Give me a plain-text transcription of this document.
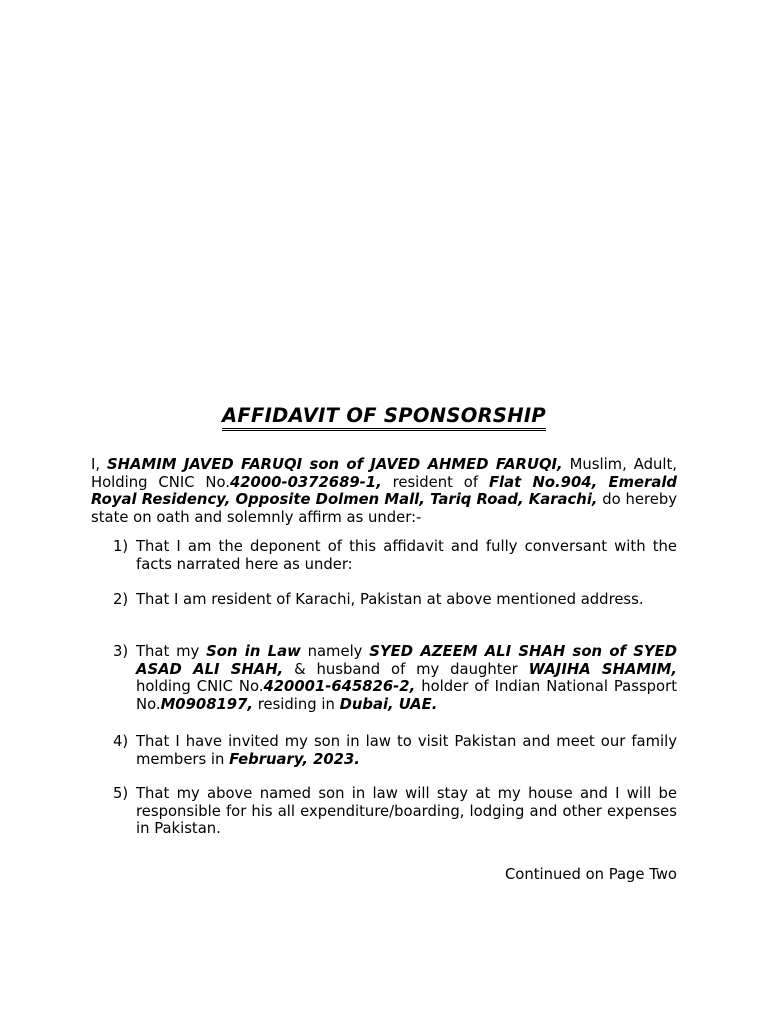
AFFIDAVIT OF SPONSORSHIP
I, SHAMIM JAVED FARUQI son of JAVED AHMED FARUQI, Muslim, Adult, Holding CNIC No.42000-0372689-1, resident of Flat No.904, Emerald Royal Residency, Opposite Dolmen Mall, Tariq Road, Karachi, do hereby state on oath and solemnly affirm as under:-
1) That I am the deponent of this affidavit and fully conversant with the facts narrated here as under:
2) That I am resident of Karachi, Pakistan at above mentioned address.
3) That my Son in Law namely SYED AZEEM ALI SHAH son of SYED ASAD ALI SHAH, & husband of my daughter WAJIHA SHAMIM, holding CNIC No.420001-645826-2, holder of Indian National Passport No.M0908197, residing in Dubai, UAE.
4) That I have invited my son in law to visit Pakistan and meet our family members in February, 2023.
5) That my above named son in law will stay at my house and I will be responsible for his all expenditure/boarding, lodging and other expenses in Pakistan.
Continued on Page Two
